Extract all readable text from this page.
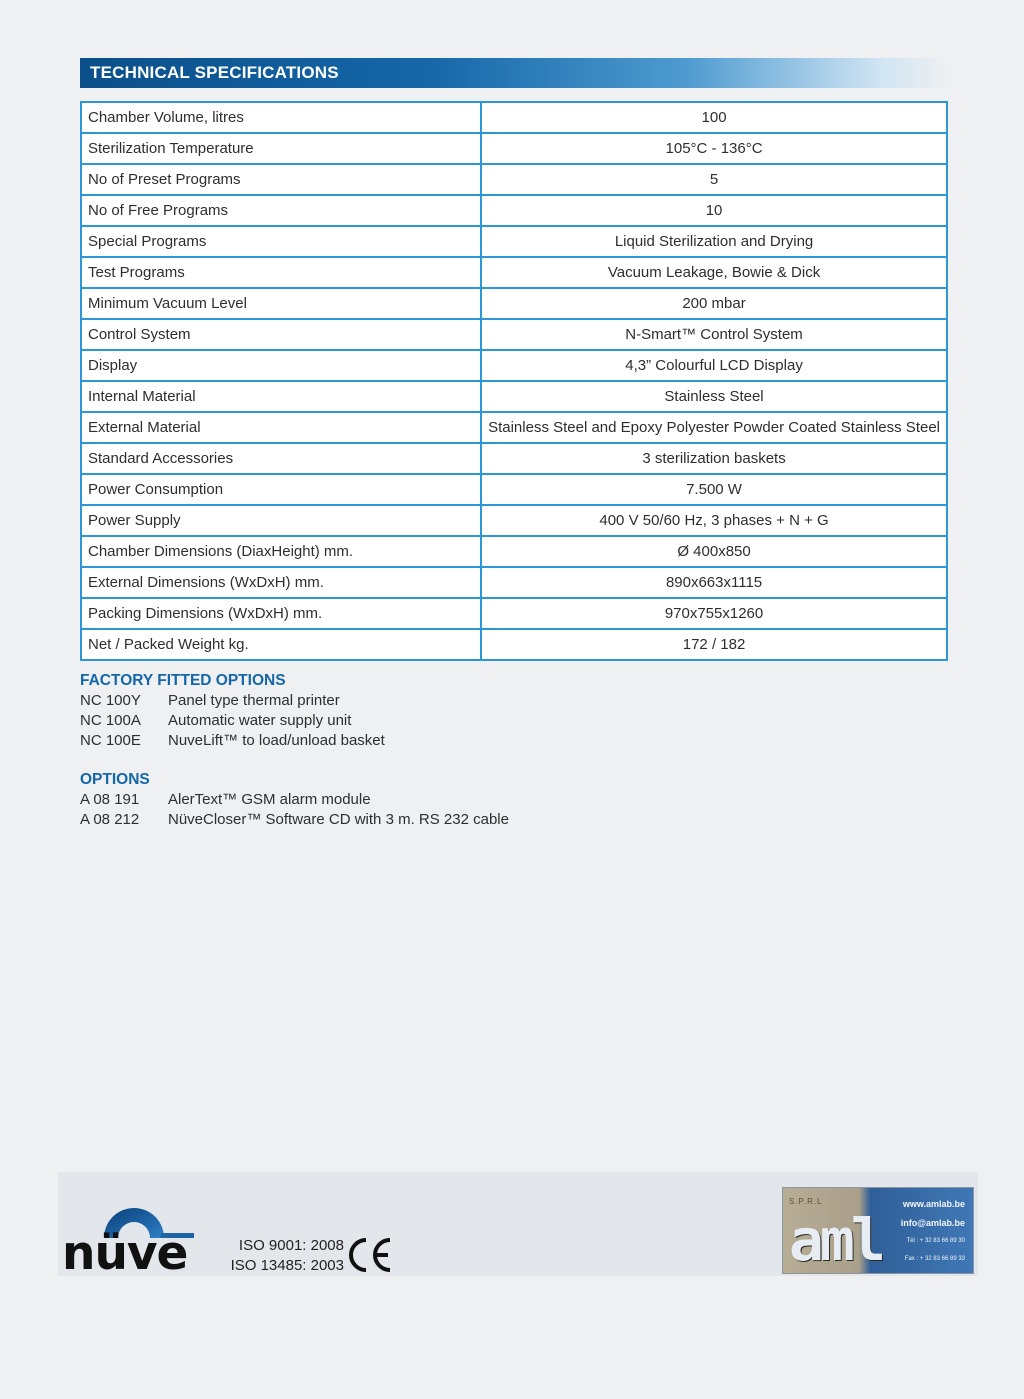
TECHNICAL SPECIFICATIONS
Chamber Volume, litres	100
Sterilization Temperature	105°C - 136°C
No of Preset Programs	5
No of Free Programs	10
Special Programs	Liquid Sterilization and Drying
Test Programs	Vacuum Leakage, Bowie & Dick
Minimum Vacuum Level	200 mbar
Control System	N-Smart™ Control System
Display	4,3” Colourful LCD Display
Internal Material	Stainless Steel
External Material	Stainless Steel and Epoxy Polyester Powder Coated Stainless Steel
Standard Accessories	3 sterilization baskets
Power Consumption	7.500 W
Power Supply	400 V 50/60 Hz, 3 phases + N + G
Chamber Dimensions (DiaxHeight) mm.	Ø 400x850
External Dimensions (WxDxH) mm.	890x663x1115
Packing Dimensions (WxDxH) mm.	970x755x1260
Net / Packed Weight kg.	172 / 182
FACTORY FITTED OPTIONS
NC 100Y	Panel type thermal printer
NC 100A	Automatic water supply unit
NC 100E	NuveLift™ to load/unload basket
OPTIONS
A 08 191	AlerText™ GSM alarm module
A 08 212	NüveCloser™ Software CD with 3 m. RS 232 cable
nüve	ISO 9001: 2008
ISO 13485: 2003
S.P.R.L
aml
www.amlab.be
info@amlab.be
Tél : + 32 83 66 89 30
Fax : + 32 83 66 89 33
